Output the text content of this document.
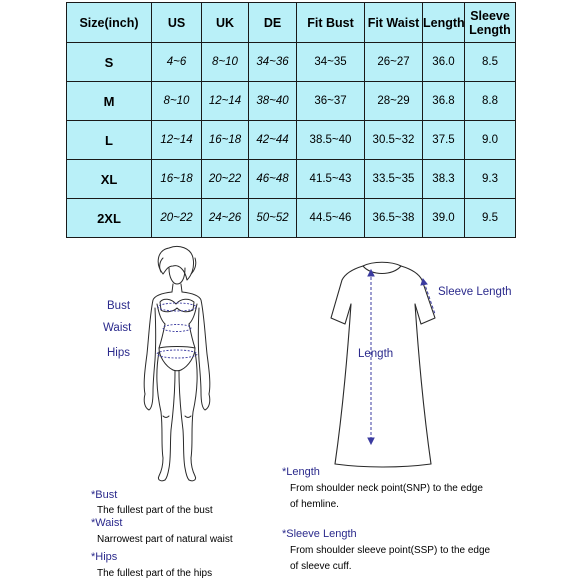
Size(inch)	US	UK	DE	Fit Bust	Fit Waist	Length	Sleeve Length
S	4~6	8~10	34~36	34~35	26~27	36.0	8.5
M	8~10	12~14	38~40	36~37	28~29	36.8	8.8
L	12~14	16~18	42~44	38.5~40	30.5~32	37.5	9.0
XL	16~18	20~22	46~48	41.5~43	33.5~35	38.3	9.3
2XL	20~22	24~26	50~52	44.5~46	36.5~38	39.0	9.5
Bust
Waist
Hips
Sleeve Length
Length
*Bust
The fullest part of the bust
*Waist
Narrowest part of natural waist
*Hips
The fullest part of the hips
*Length
From shoulder neck point(SNP) to the edge
of hemline.
*Sleeve Length
From shoulder sleeve point(SSP) to the edge
of sleeve cuff.
